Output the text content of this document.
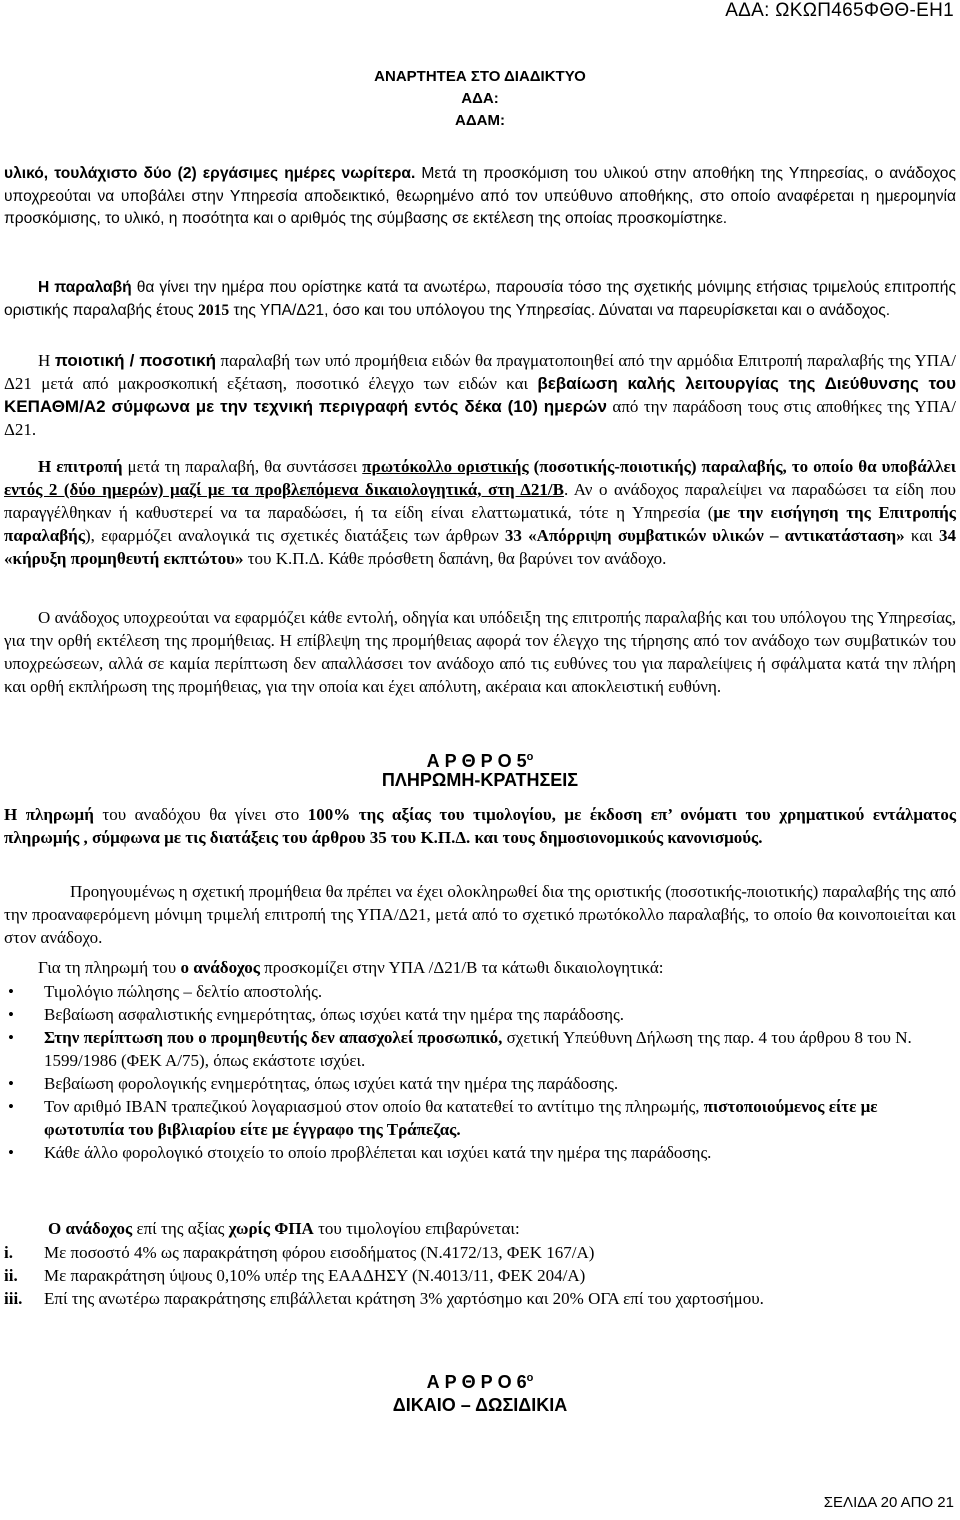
ΑΔΑ: ΩΚΩΠ465ΦΘΘ-ΕΗ1
ΑΝΑΡΤΗΤΕΑ ΣΤΟ ΔΙΑΔΙΚΤΥΟ
ΑΔΑ:
ΑΔΑΜ:

υλικό, τουλάχιστο δύο (2) εργάσιμες ημέρες νωρίτερα. Μετά τη προσκόμιση του υλικού στην αποθήκη της Υπηρεσίας, ο ανάδοχος υποχρεούται να υποβάλει στην Υπηρεσία αποδεικτικό, θεωρημένο από τον υπεύθυνο αποθήκης, στο οποίο αναφέρεται η ημερομηνία προσκόμισης, το υλικό, η ποσότητα και ο αριθμός της σύμβασης σε εκτέλεση της οποίας προσκομίστηκε.

Η παραλαβή θα γίνει την ημέρα που ορίστηκε κατά τα ανωτέρω, παρουσία τόσο της σχετικής μόνιμης ετήσιας τριμελούς επιτροπής οριστικής παραλαβής έτους 2015 της ΥΠΑ/Δ21, όσο και του υπόλογου της Υπηρεσίας. Δύναται να παρευρίσκεται και ο ανάδοχος.

Η ποιοτική / ποσοτική παραλαβή των υπό προμήθεια ειδών θα πραγματοποιηθεί από την αρμόδια Επιτροπή παραλαβής της ΥΠΑ/Δ21 μετά από μακροσκοπική εξέταση, ποσοτικό έλεγχο των ειδών και βεβαίωση καλής λειτουργίας της Διεύθυνσης του ΚΕΠΑΘΜ/Α2 σύμφωνα με την τεχνική περιγραφή εντός δέκα (10) ημερών από την παράδοση τους στις αποθήκες της ΥΠΑ/Δ21.

Η επιτροπή μετά τη παραλαβή, θα συντάσσει πρωτόκολλο οριστικής (ποσοτικής-ποιοτικής) παραλαβής, το οποίο θα υποβάλλει εντός 2 (δύο ημερών) μαζί με τα προβλεπόμενα δικαιολογητικά, στη Δ21/Β. Αν ο ανάδοχος παραλείψει να παραδώσει τα είδη που παραγγέλθηκαν ή καθυστερεί να τα παραδώσει, ή τα είδη είναι ελαττωματικά, τότε η Υπηρεσία (με την εισήγηση της Επιτροπής παραλαβής), εφαρμόζει αναλογικά τις σχετικές διατάξεις των άρθρων 33 «Απόρριψη συμβατικών υλικών – αντικατάσταση» και 34 «κήρυξη προμηθευτή εκπτώτου» του Κ.Π.Δ. Κάθε πρόσθετη δαπάνη, θα βαρύνει τον ανάδοχο.

Ο ανάδοχος υποχρεούται να εφαρμόζει κάθε εντολή, οδηγία και υπόδειξη της επιτροπής παραλαβής και του υπόλογου της Υπηρεσίας, για την ορθή εκτέλεση της προμήθειας. Η επίβλεψη της προμήθειας αφορά τον έλεγχο της τήρησης από τον ανάδοχο των συμβατικών του υποχρεώσεων, αλλά σε καμία περίπτωση δεν απαλλάσσει τον ανάδοχο από τις ευθύνες του για παραλείψεις ή σφάλματα κατά την πλήρη και ορθή εκπλήρωση της προμήθειας, για την οποία και έχει απόλυτη, ακέραια και αποκλειστική ευθύνη.

Α Ρ Θ Ρ Ο $5^o$
ΠΛΗΡΩΜΗ-ΚΡΑΤΗΣΕΙΣ

Η πληρωμή του αναδόχου θα γίνει στο 100% της αξίας του τιμολογίου, με έκδοση επ’ ονόματι του χρηματικού εντάλματος πληρωμής , σύμφωνα με τις διατάξεις του άρθρου 35 του Κ.Π.Δ. και τους δημοσιονομικούς κανονισμούς.

Προηγουμένως η σχετική προμήθεια θα πρέπει να έχει ολοκληρωθεί δια της οριστικής (ποσοτικής-ποιοτικής) παραλαβής της από την προαναφερόμενη μόνιμη τριμελή επιτροπή της ΥΠΑ/Δ21, μετά από το σχετικό πρωτόκολλο παραλαβής, το οποίο θα κοινοποιείται και στον ανάδοχο.

Για τη πληρωμή του ο ανάδοχος προσκομίζει στην ΥΠΑ /Δ21/Β τα κάτωθι δικαιολογητικά:

• Τιμολόγιο πώλησης – δελτίο αποστολής.
• Βεβαίωση ασφαλιστικής ενημερότητας, όπως ισχύει κατά την ημέρα της παράδοσης.
• Στην περίπτωση που ο προμηθευτής δεν απασχολεί προσωπικό, σχετική Υπεύθυνη Δήλωση της παρ. 4 του άρθρου 8 του Ν. 1599/1986 (ΦΕΚ Α/75), όπως εκάστοτε ισχύει.
• Βεβαίωση φορολογικής ενημερότητας, όπως ισχύει κατά την ημέρα της παράδοσης.
• Τον αριθμό ΙΒΑΝ τραπεζικού λογαριασμού στον οποίο θα κατατεθεί το αντίτιμο της πληρωμής, πιστοποιούμενος είτε με φωτοτυπία του βιβλιαρίου είτε με έγγραφο της Τράπεζας.
• Κάθε άλλο φορολογικό στοιχείο το οποίο προβλέπεται και ισχύει κατά την ημέρα της παράδοσης.

Ο ανάδοχος επί της αξίας χωρίς ΦΠΑ του τιμολογίου επιβαρύνεται:

i. Με ποσοστό 4% ως παρακράτηση φόρου εισοδήματος (Ν.4172/13, ΦΕΚ 167/Α)
ii. Με παρακράτηση ύψους 0,10% υπέρ της ΕΑΑΔΗΣΥ (Ν.4013/11, ΦΕΚ 204/Α)
iii. Επί της ανωτέρω παρακράτησης επιβάλλεται κράτηση 3% χαρτόσημο και 20% ΟΓΑ επί του χαρτοσήμου.
Α Ρ Θ Ρ Ο $6^o$
ΔΙΚΑΙΟ – ΔΩΣΙΔΙΚΙΑ
ΣΕΛΙΔΑ 20 ΑΠΟ 21
